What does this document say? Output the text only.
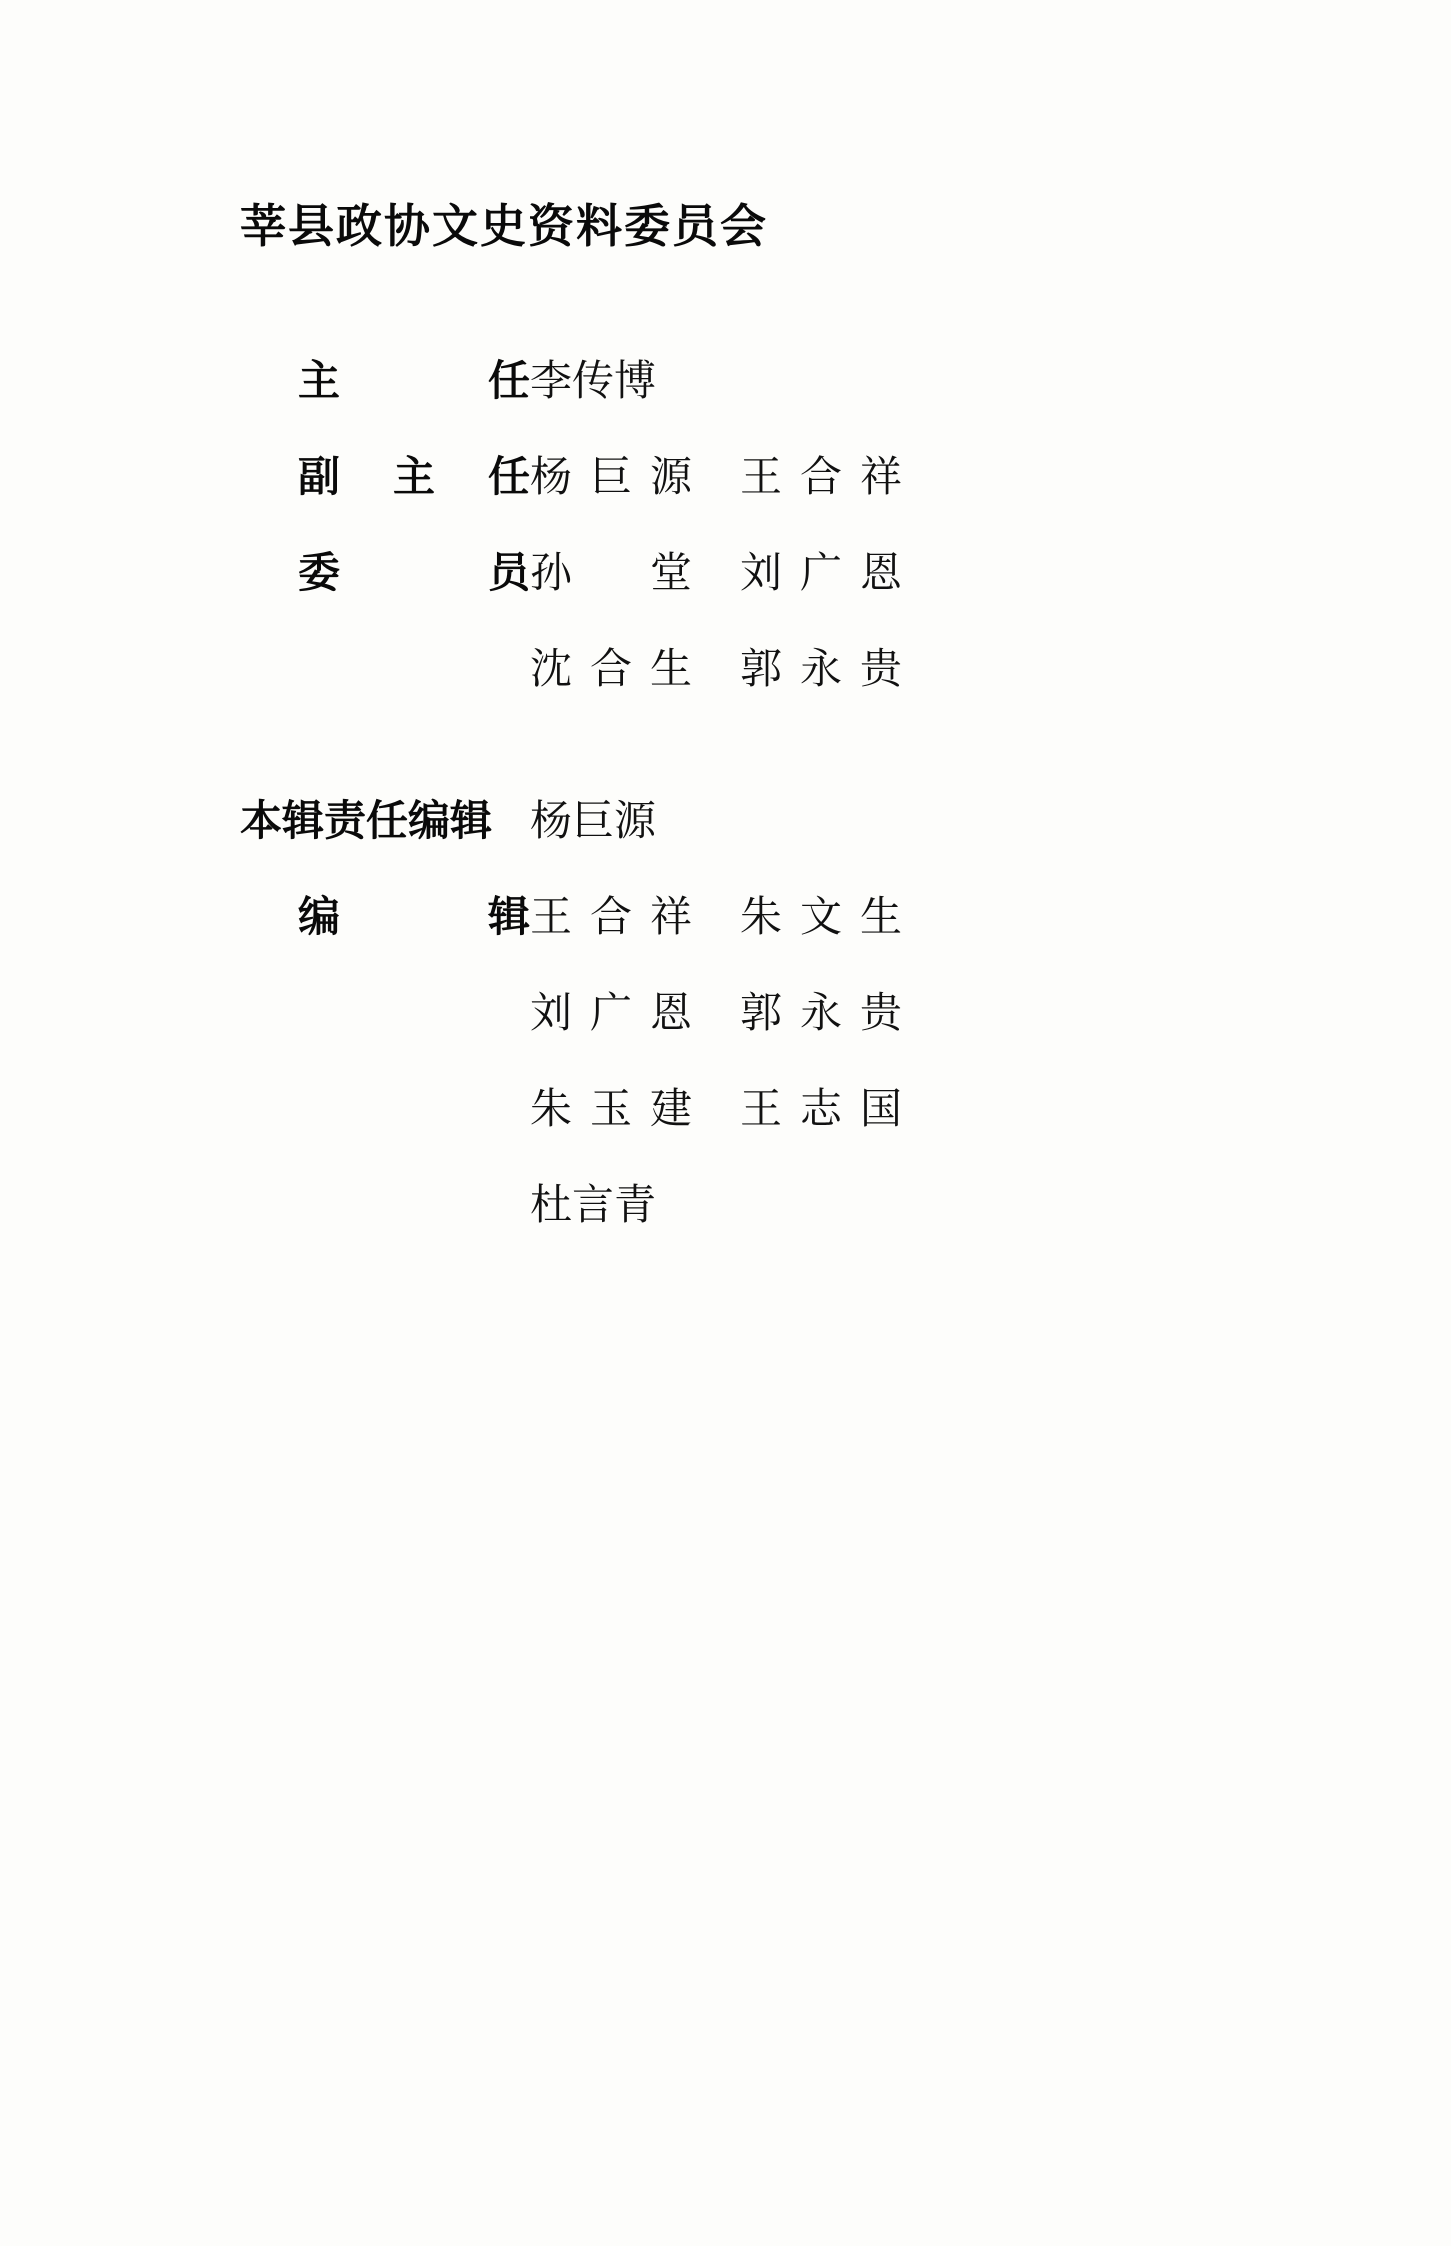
莘县政协文史资料委员会
主 任 李传博
副主任 杨巨源	王合祥
委 员 孙 堂	刘广恩
沈合生	郭永贵
本辑责任编辑 杨巨源
编 辑 王合祥	朱文生
刘广恩	郭永贵
朱玉建	王志国
杜言青
